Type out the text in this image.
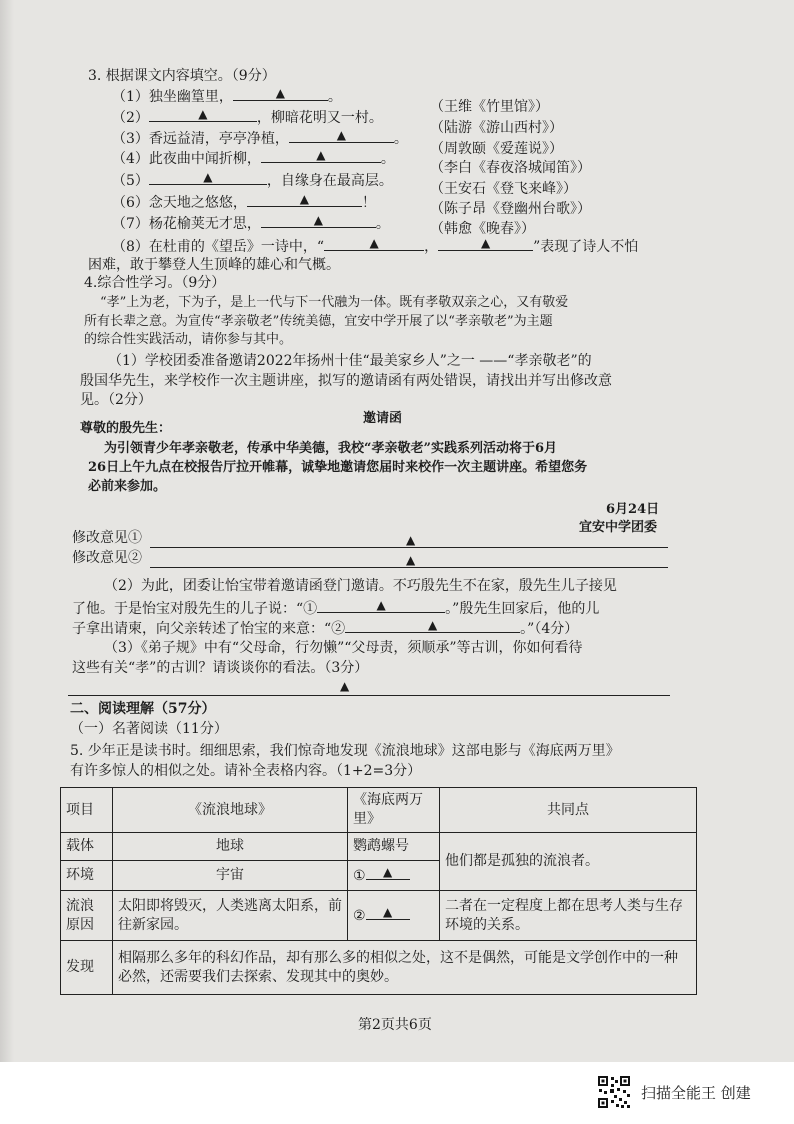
3. 根据课文内容填空。（9分）
（1）独坐幽篁里，	▲	。
（王维《竹里馆》）
（2）	▲	，柳暗花明又一村。
（陆游《游山西村》）
（3）香远益清，亭亭净植，	▲	。
（周敦颐《爱莲说》）
（4）此夜曲中闻折柳，	▲	。
（李白《春夜洛城闻笛》）
（5）	▲	，自缘身在最高层。	（王安石《登飞来峰》）
（6）念天地之悠悠，	▲	！	（陈子昂《登幽州台歌》）
（7）杨花榆荚无才思，	▲	。	（韩愈《晚春》）
（8）在杜甫的《望岳》一诗中，“	▲	，	▲	”表现了诗人不怕
困难，敢于攀登人生顶峰的雄心和气概。
4.综合性学习。（9分）
“孝”上为老，下为子，是上一代与下一代融为一体。既有孝敬双亲之心，又有敬爱
所有长辈之意。为宣传“孝亲敬老”传统美德，宜安中学开展了以“孝亲敬老”为主题
的综合性实践活动，请你参与其中。
（1）学校团委准备邀请2022年扬州十佳“最美家乡人”之一 ——“孝亲敬老”的
殷国华先生，来学校作一次主题讲座，拟写的邀请函有两处错误，请找出并写出修改意
见。（2分）
邀请函
尊敬的殷先生：
为引领青少年孝亲敬老，传承中华美德，我校“孝亲敬老”实践系列活动将于6月
26日上午九点在校报告厅拉开帷幕，诚挚地邀请您届时来校作一次主题讲座。希望您务
必前来参加。
6月24日
宜安中学团委
修改意见①	▲
修改意见②	▲
（2）为此，团委让怡宝带着邀请函登门邀请。不巧殷先生不在家，殷先生儿子接见
了他。于是怡宝对殷先生的儿子说：“①	▲	。”殷先生回家后，他的儿
子拿出请柬，向父亲转述了怡宝的来意：“②	▲	。”（4分）
（3）《弟子规》中有“父母命，行勿懒”“父母责，须顺承”等古训，你如何看待
这些有关“孝”的古训？请谈谈你的看法。（3分）
▲
二、阅读理解（57分）
（一）名著阅读（11分）
5. 少年正是读书时。细细思索，我们惊奇地发现《流浪地球》这部电影与《海底两万里》
有许多惊人的相似之处。请补全表格内容。（1+2=3分）
项目	《流浪地球》	《海底两万里》	共同点
载体	地球	鹦鹉螺号	他们都是孤独的流浪者。
环境	宇宙	① ▲	

流浪原因	太阳即将毁灭，人类逃离太阳系，前往新家园。	② ▲	二者在一定程度上都在思考人类与生存环境的关系。
发现	相隔那么多年的科幻作品，却有那么多的相似之处，这不是偶然，可能是文学创作中的一种必然，还需要我们去探索、发现其中的奥妙。		
第2页共6页
扫描全能王 创建
